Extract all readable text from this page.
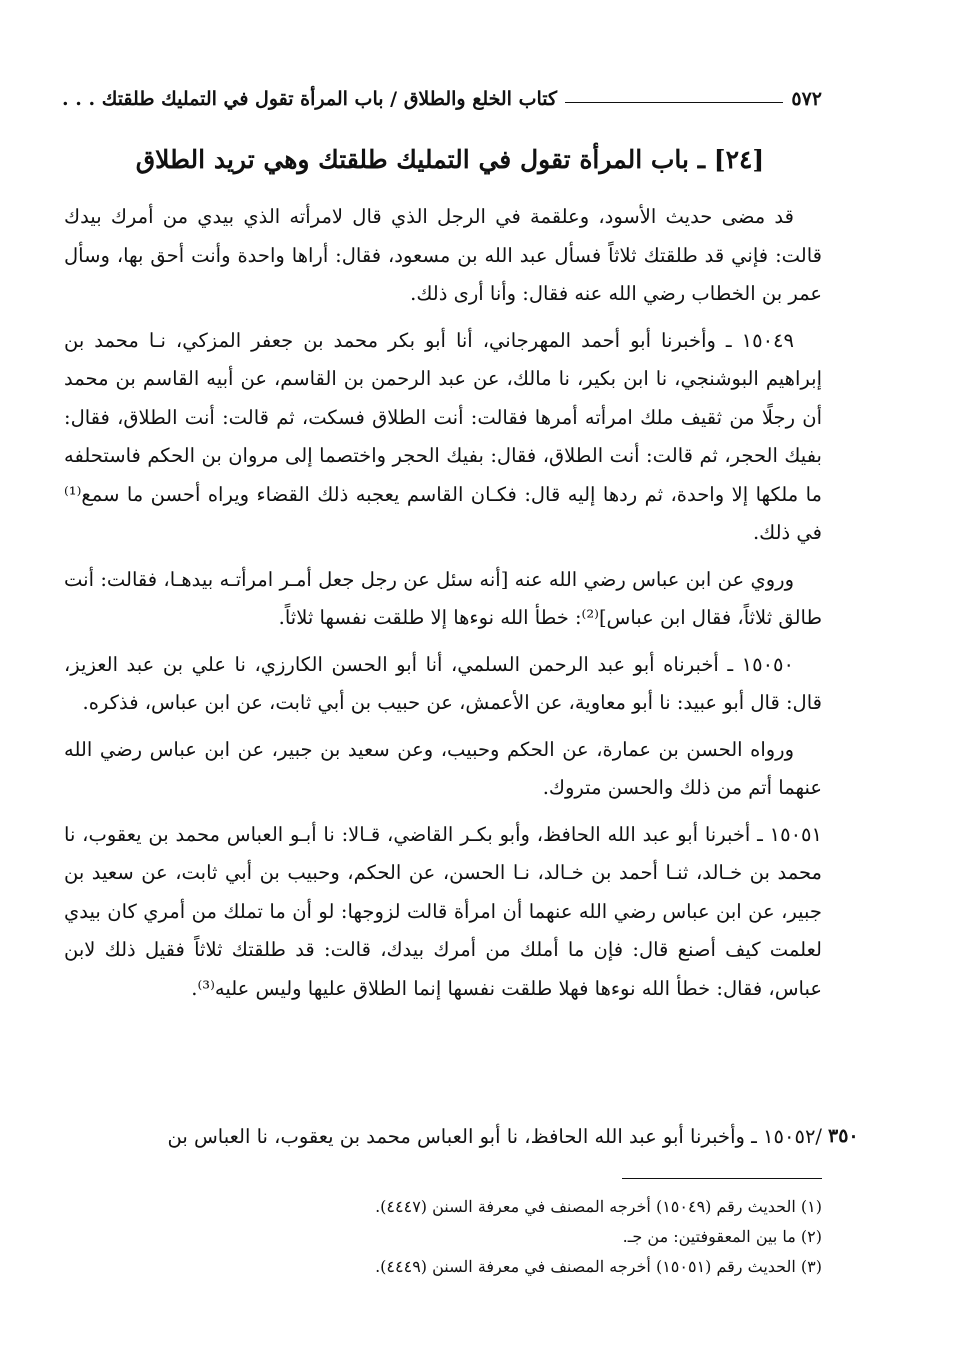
٥٧٢
كتاب الخلع والطلاق / باب المرأة تقول في التمليك طلقتك . . .
[٢٤] ـ باب المرأة تقول في التمليك طلقتك وهي تريد الطلاق

قد مضى حديث الأسود، وعلقمة في الرجل الذي قال لامرأته الذي بيدي من أمرك بيدك قالت: فإني قد طلقتك ثلاثاً فسأل عبد الله بن مسعود، فقال: أراها واحدة وأنت أحق بها، وسأل عمر بن الخطاب رضي الله عنه فقال: وأنا أرى ذلك.

١٥٠٤٩ ـ وأخبرنا أبو أحمد المهرجاني، أنا أبو بكر محمد بن جعفر المزكي، نـا محمد بن إبراهيم البوشنجي، نا ابن بكير، نا مالك، عن عبد الرحمن بن القاسم، عن أبيه القاسم بن محمد أن رجلًا من ثقيف ملك امرأته أمرها فقالت: أنت الطلاق فسكت، ثم قالت: أنت الطلاق، فقال: بفيك الحجر، ثم قالت: أنت الطلاق، فقال: بفيك الحجر واختصما إلى مروان بن الحكم فاستحلفه ما ملكها إلا واحدة، ثم ردها إليه قال: فكـان القاسم يعجبه ذلك القضاء ويراه أحسن ما سمع⁽¹⁾ في ذلك.

وروي عن ابن عباس رضي الله عنه [أنه سئل عن رجل جعل أمـر امرأتـه بيدهـا، فقالت: أنت طالق ثلاثاً، فقال ابن عباس]⁽²⁾: خطأ الله نوءها إلا طلقت نفسها ثلاثاً.

١٥٠٥٠ ـ أخبرناه أبو عبد الرحمن السلمي، أنا أبو الحسن الكارزي، نا علي بن عبد العزيز، قال: قال أبو عبيد: نا أبو معاوية، عن الأعمش، عن حبيب بن أبي ثابت، عن ابن عباس، فذكره.

ورواه الحسن بن عمارة، عن الحكم وحبيب، وعن سعيد بن جبير، عن ابن عباس رضي الله عنهما أتم من ذلك والحسن متروك.

١٥٠٥١ ـ أخبرنا أبو عبد الله الحافظ، وأبو بكـر القاضي، قـالا: نا أبـو العباس محمد بن يعقوب، نا محمد بن خـالد، ثنـا أحمد بن خـالد، نـا الحسن، عن الحكم، وحبيب بن أبي ثابت، عن سعيد بن جبير، عن ابن عباس رضي الله عنهما أن امرأة قالت لزوجها: لو أن ما تملك من أمري كان بيدي لعلمت كيف أصنع قال: فإن ما أملك من أمرك بيدك، قالت: قد طلقتك ثلاثاً فقيل ذلك لابن عباس، فقال: خطأ الله نوءها فهلا طلقت نفسها إنما الطلاق عليها وليس عليه⁽³⁾.

٣٥٠
/١٥٠٥٢ ـ وأخبرنا أبو عبد الله الحافظ، نا أبو العباس محمد بن يعقوب، نا العباس بن
(١) الحديث رقم (١٥٠٤٩) أخرجه المصنف في معرفة السنن (٤٤٤٧).
(٢) ما بين المعقوفتين: من جـ.
(٣) الحديث رقم (١٥٠٥١) أخرجه المصنف في معرفة السنن (٤٤٤٩).
